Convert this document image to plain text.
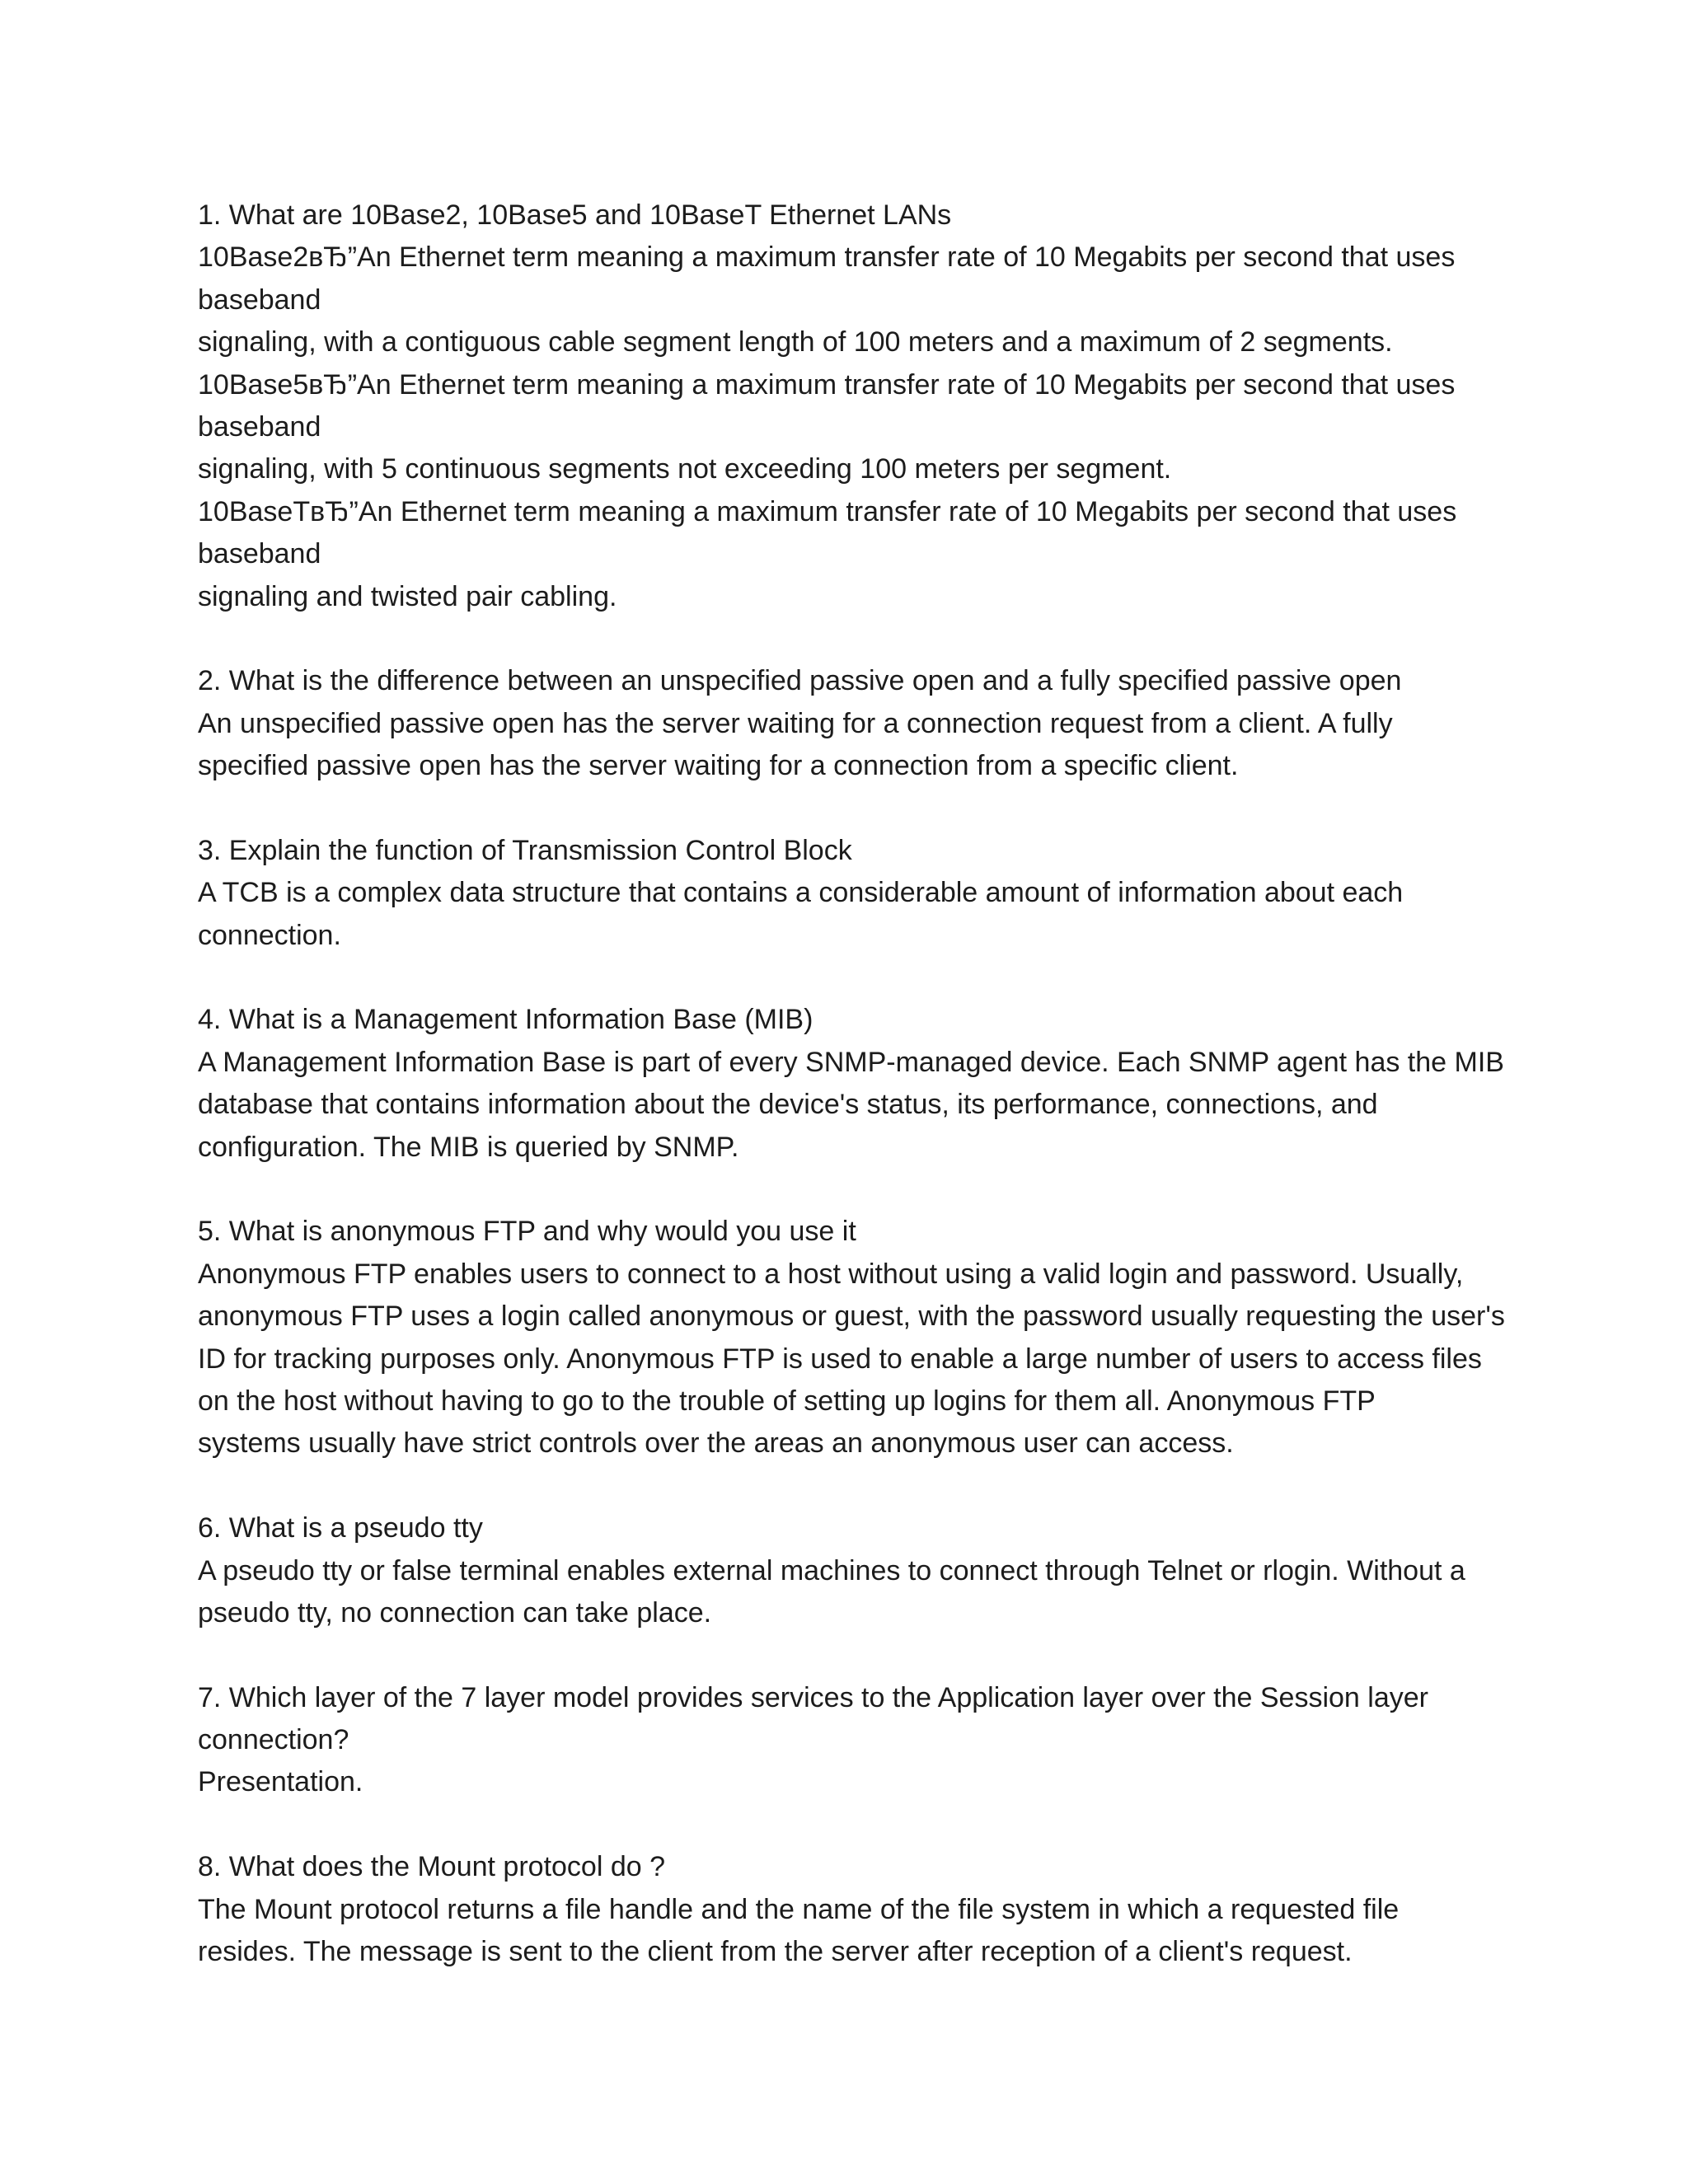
1. What are 10Base2, 10Base5 and 10BaseT Ethernet LANs
10Base2вЂ”An Ethernet term meaning a maximum transfer rate of 10 Megabits per second that uses
baseband
signaling, with a contiguous cable segment length of 100 meters and a maximum of 2 segments.
10Base5вЂ”An Ethernet term meaning a maximum transfer rate of 10 Megabits per second that uses
baseband
signaling, with 5 continuous segments not exceeding 100 meters per segment.
10BaseTвЂ”An Ethernet term meaning a maximum transfer rate of 10 Megabits per second that uses
baseband
signaling and twisted pair cabling.
2. What is the difference between an unspecified passive open and a fully specified passive open
An unspecified passive open has the server waiting for a connection request from a client. A fully
specified passive open has the server waiting for a connection from a specific client.
3. Explain the function of Transmission Control Block
A TCB is a complex data structure that contains a considerable amount of information about each
connection.
4. What is a Management Information Base (MIB)
A Management Information Base is part of every SNMP-managed device. Each SNMP agent has the MIB
database that contains information about the device's status, its performance, connections, and
configuration. The MIB is queried by SNMP.
5. What is anonymous FTP and why would you use it
Anonymous FTP enables users to connect to a host without using a valid login and password. Usually,
anonymous FTP uses a login called anonymous or guest, with the password usually requesting the user's
ID for tracking purposes only. Anonymous FTP is used to enable a large number of users to access files
on the host without having to go to the trouble of setting up logins for them all. Anonymous FTP
systems usually have strict controls over the areas an anonymous user can access.
6. What is a pseudo tty
A pseudo tty or false terminal enables external machines to connect through Telnet or rlogin. Without a
pseudo tty, no connection can take place.
7. Which layer of the 7 layer model provides services to the Application layer over the Session layer
connection?
Presentation.
8. What does the Mount protocol do ?
The Mount protocol returns a file handle and the name of the file system in which a requested file
resides. The message is sent to the client from the server after reception of a client's request.
